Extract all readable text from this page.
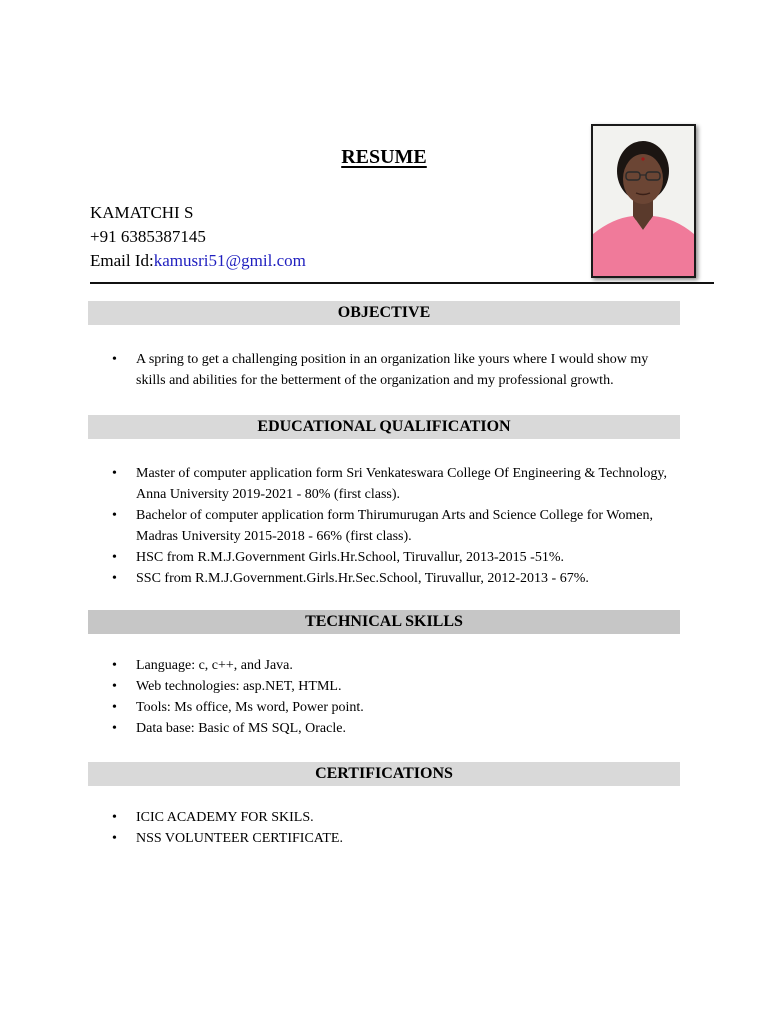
RESUME
KAMATCHI S
+91 6385387145
Email Id:kamusri51@gmil.com
OBJECTIVE
• A spring to get a challenging position in an organization like yours where I would show my skills and abilities for the betterment of the organization and my professional growth.
EDUCATIONAL QUALIFICATION
• Master of computer application form Sri Venkateswara College Of Engineering & Technology, Anna University 2019-2021 - 80% (first class).
• Bachelor of computer application form Thirumurugan Arts and Science College for Women, Madras University 2015-2018 - 66% (first class).
• HSC from R.M.J.Government Girls.Hr.School, Tiruvallur, 2013-2015 -51%.
• SSC from R.M.J.Government.Girls.Hr.Sec.School, Tiruvallur, 2012-2013 - 67%.
TECHNICAL SKILLS
• Language: c, c++, and Java.
• Web technologies: asp.NET, HTML.
• Tools: Ms office, Ms word, Power point.
• Data base: Basic of MS SQL, Oracle.
CERTIFICATIONS
• ICIC ACADEMY FOR SKILS.
• NSS VOLUNTEER CERTIFICATE.
